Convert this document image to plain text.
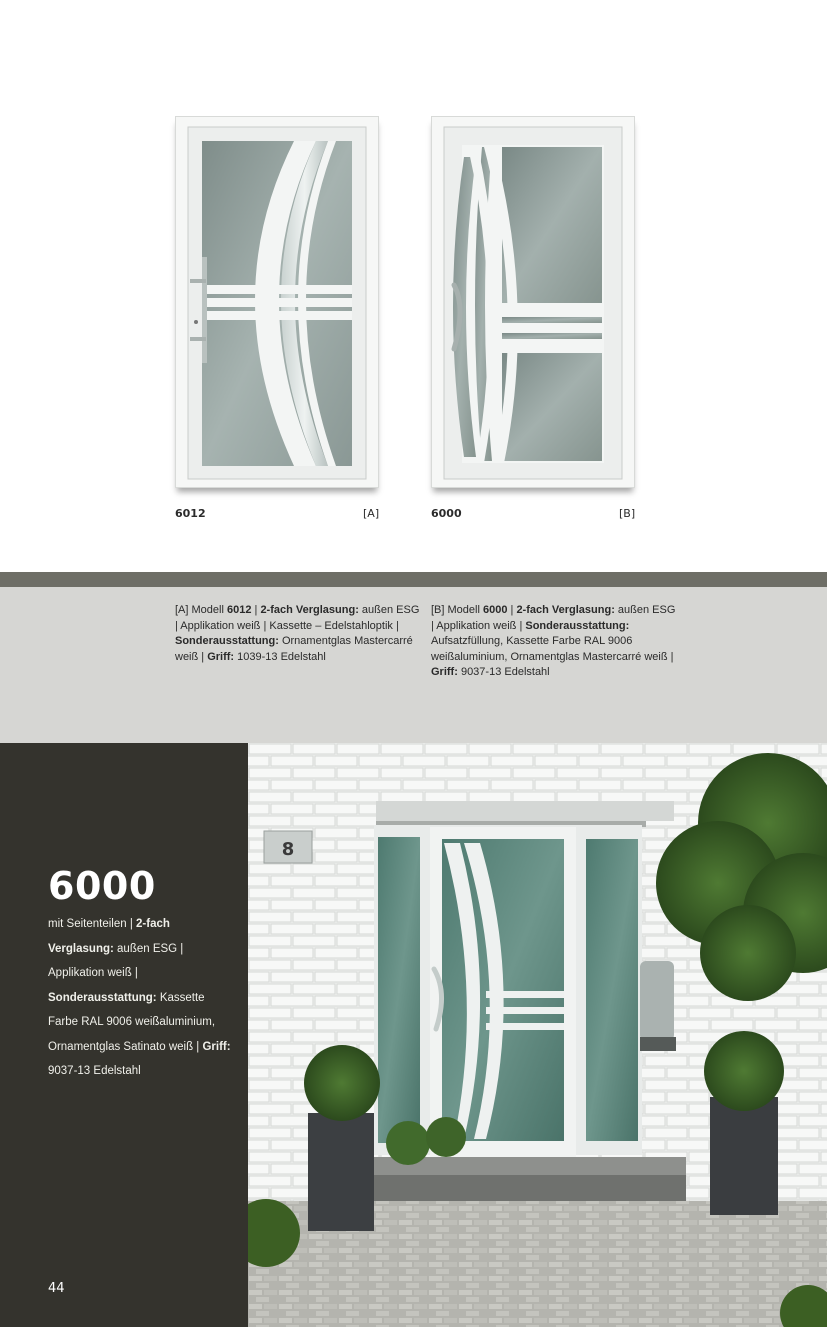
6012	[A]	6000	[B]
[A] Modell 6012 | 2-fach Verglasung: außen ESG | Applikation weiß | Kassette – Edelstahloptik | Sonderausstattung: Ornamentglas Mastercarré weiß | Griff: 1039-13 Edelstahl
[B] Modell 6000 | 2-fach Verglasung: außen ESG | Applikation weiß | Sonderausstattung: Aufsatzfüllung, Kassette Farbe RAL 9006 weißaluminium, Ornamentglas Mastercarré weiß | Griff: 9037-13 Edelstahl
6000
mit Seitenteilen | 2-fach Verglasung: außen ESG | Applikation weiß | Sonderausstattung: Kassette Farbe RAL 9006 weißaluminium, Ornamentglas Satinato weiß | Griff: 9037-13 Edelstahl
44
8
